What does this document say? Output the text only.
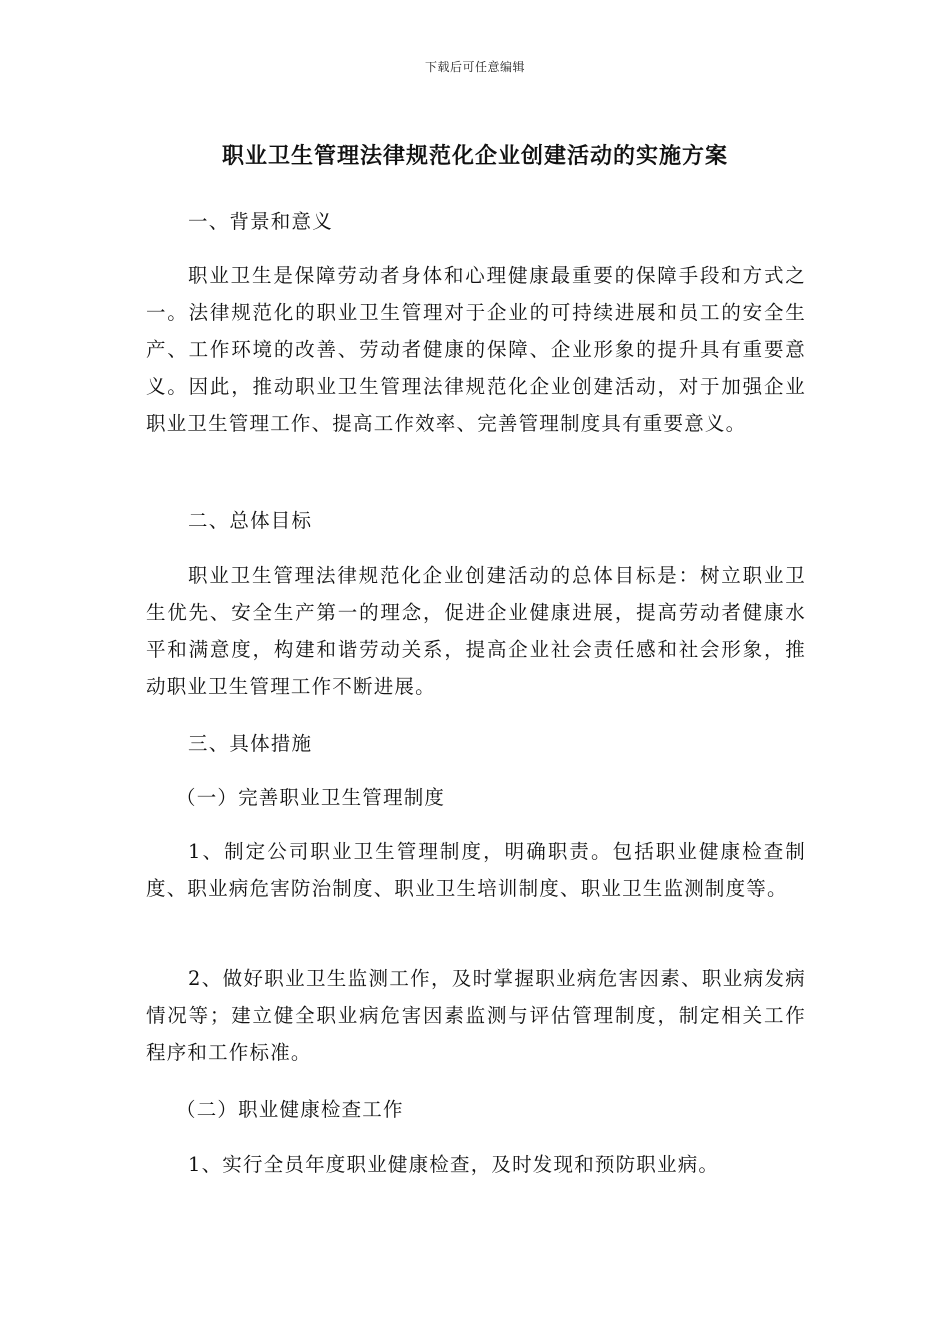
下载后可任意编辑
职业卫生管理法律规范化企业创建活动的实施方案

一、背景和意义

职业卫生是保障劳动者身体和心理健康最重要的保障手段和方式之一。法律规范化的职业卫生管理对于企业的可持续进展和员工的安全生产、工作环境的改善、劳动者健康的保障、企业形象的提升具有重要意义。因此，推动职业卫生管理法律规范化企业创建活动，对于加强企业职业卫生管理工作、提高工作效率、完善管理制度具有重要意义。

二、总体目标

职业卫生管理法律规范化企业创建活动的总体目标是：树立职业卫生优先、安全生产第一的理念，促进企业健康进展，提高劳动者健康水平和满意度，构建和谐劳动关系，提高企业社会责任感和社会形象，推动职业卫生管理工作不断进展。

三、具体措施

（一）完善职业卫生管理制度

1、制定公司职业卫生管理制度，明确职责。包括职业健康检查制度、职业病危害防治制度、职业卫生培训制度、职业卫生监测制度等。

2、做好职业卫生监测工作，及时掌握职业病危害因素、职业病发病情况等；建立健全职业病危害因素监测与评估管理制度，制定相关工作程序和工作标准。

（二）职业健康检查工作

1、实行全员年度职业健康检查，及时发现和预防职业病。
